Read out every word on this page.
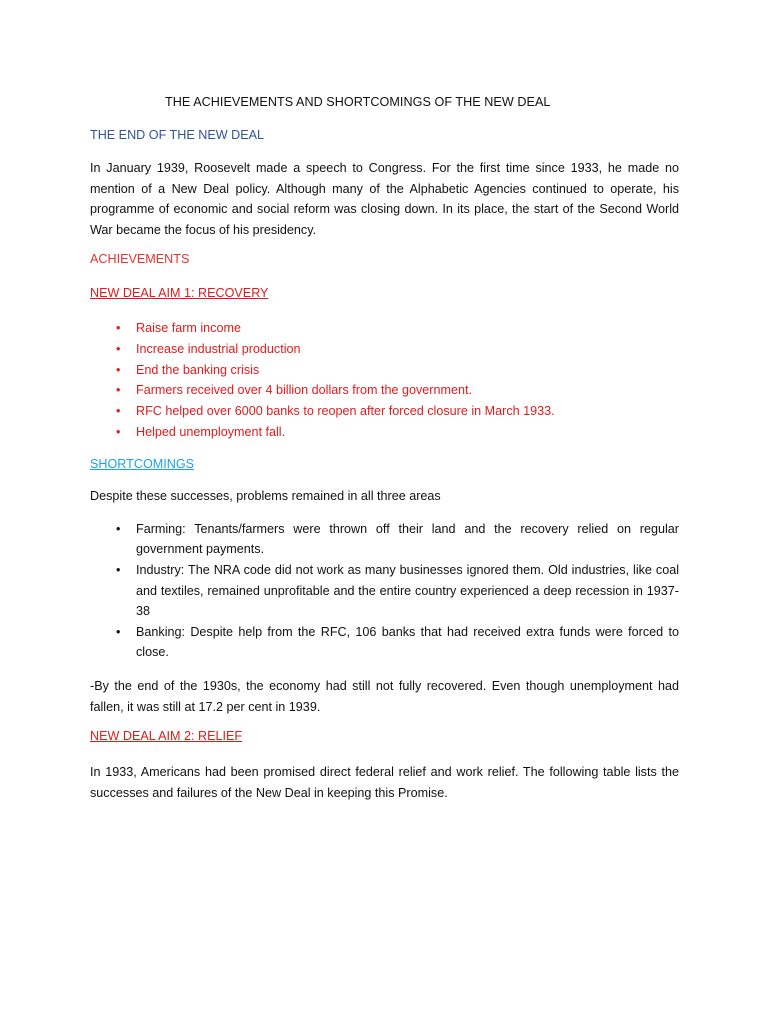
THE ACHIEVEMENTS AND SHORTCOMINGS OF THE NEW DEAL
THE END OF THE NEW DEAL
In January 1939, Roosevelt made a speech to Congress. For the first time since 1933, he made no mention of a New Deal policy. Although many of the Alphabetic Agencies continued to operate, his programme of economic and social reform was closing down. In its place, the start of the Second World War became the focus of his presidency.
ACHIEVEMENTS
NEW DEAL AIM 1: RECOVERY
• Raise farm income
• Increase industrial production
• End the banking crisis
• Farmers received over 4 billion dollars from the government.
• RFC helped over 6000 banks to reopen after forced closure in March 1933.
• Helped unemployment fall.
SHORTCOMINGS
Despite these successes, problems remained in all three areas
• Farming: Tenants/farmers were thrown off their land and the recovery relied on regular government payments.
• Industry: The NRA code did not work as many businesses ignored them. Old industries, like coal and textiles, remained unprofitable and the entire country experienced a deep recession in 1937-38
• Banking: Despite help from the RFC, 106 banks that had received extra funds were forced to close.
-By the end of the 1930s, the economy had still not fully recovered. Even though unemployment had fallen, it was still at 17.2 per cent in 1939.
NEW DEAL AIM 2: RELIEF
In 1933, Americans had been promised direct federal relief and work relief. The following table lists the successes and failures of the New Deal in keeping this Promise.
